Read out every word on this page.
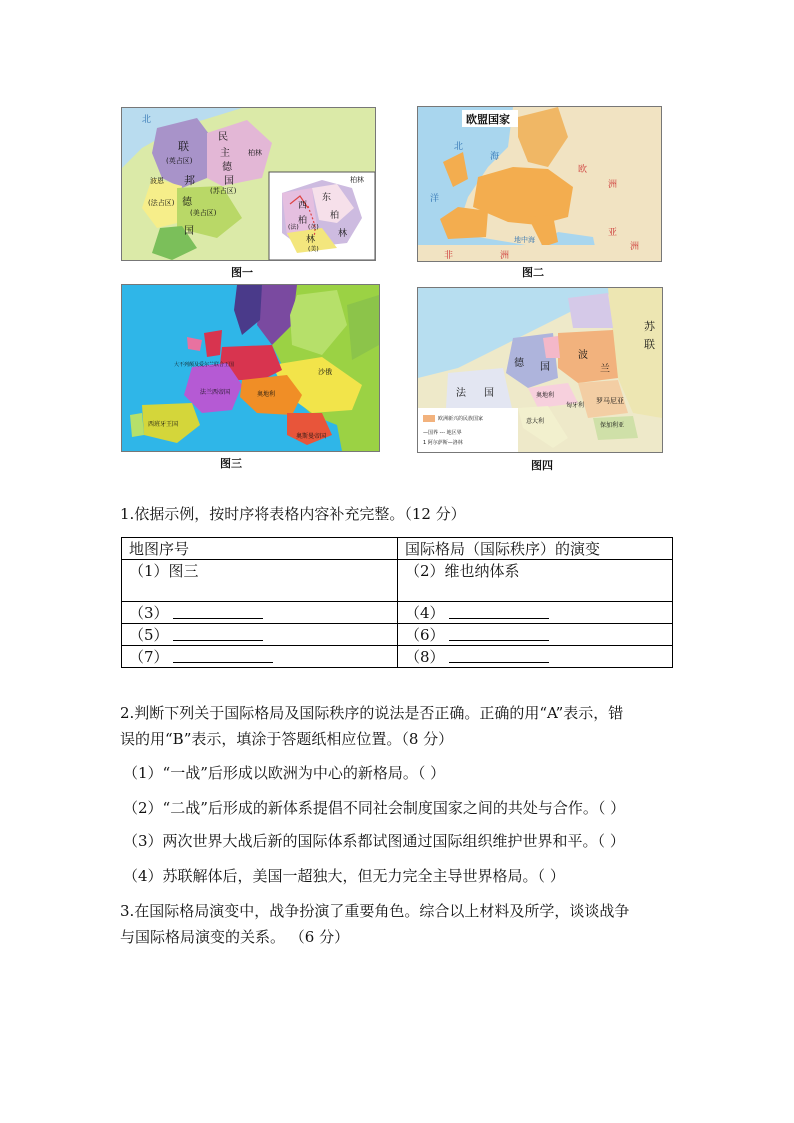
北
联
(英占区)
邦
波恩
民
主	柏林
德
国
(苏占区)
德
(法占区)
(美占区)
国
柏林
西
东
柏	柏
(法) (英)
林
林
(美)
图一
欧盟国家
北
洋
海
欧
洲
亚
洲
地中海
非	洲
图二
大不列颠及爱尔兰联合王国
法兰西帝国
西班牙王国
奥地利
奥斯曼帝国
沙俄
图三
苏
联
德 国
法 国
波
兰
奥地利
匈牙利
罗马尼亚
保加利亚
意大利
欧洲新兴的民族国家
—国界 --- 地区界
1 阿尔萨斯—洛林
图四
1.依据示例，按时序将表格内容补充完整。（12 分）
地图序号	国际格局（国际秩序）的演变
（1）图三	（2）维也纳体系
（3）	（4）
（5）	（6）
（7）	（8）
2.判断下列关于国际格局及国际秩序的说法是否正确。正确的用“A”表示，错
误的用“B”表示，填涂于答题纸相应位置。（8 分）
（1）“一战”后形成以欧洲为中心的新格局。（ ）
（2）“二战”后形成的新体系提倡不同社会制度国家之间的共处与合作。（ ）
（3）两次世界大战后新的国际体系都试图通过国际组织维护世界和平。（ ）
（4）苏联解体后，美国一超独大，但无力完全主导世界格局。（ ）
3.在国际格局演变中，战争扮演了重要角色。综合以上材料及所学，谈谈战争
与国际格局演变的关系。 （6 分）
